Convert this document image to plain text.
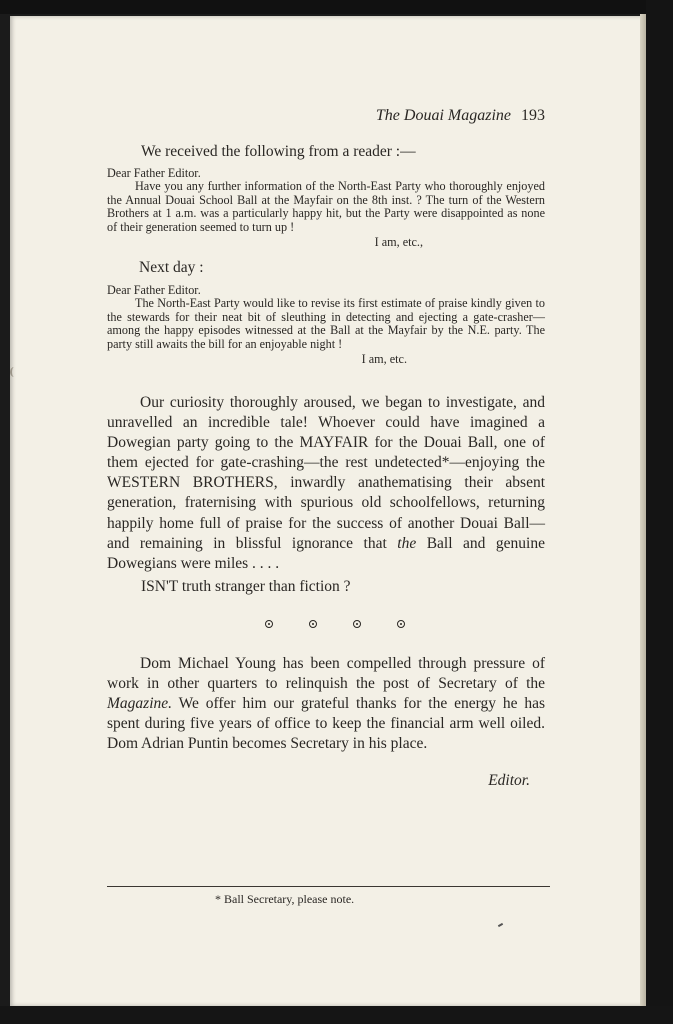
The Douai Magazine 193
We received the following from a reader :—
Dear Father Editor.

Have you any further information of the North-East Party who thoroughly enjoyed the Annual Douai School Ball at the Mayfair on the 8th inst. ? The turn of the Western Brothers at 1 a.m. was a particularly happy hit, but the Party were disappointed as none of their generation seemed to turn up !

I am, etc.,
Next day :
Dear Father Editor.

The North-East Party would like to revise its first estimate of praise kindly given to the stewards for their neat bit of sleuthing in detecting and ejecting a gate-crasher—among the happy episodes witnessed at the Ball at the Mayfair by the N.E. party. The party still awaits the bill for an enjoyable night !

I am, etc.

Our curiosity thoroughly aroused, we began to investigate, and unravelled an incredible tale! Whoever could have imagined a Dowegian party going to the MAYFAIR for the Douai Ball, one of them ejected for gate-crashing—the rest undetected*—enjoying the WESTERN BROTHERS, inwardly anathematising their absent generation, fraternising with spurious old schoolfellows, returning happily home full of praise for the success of another Douai Ball—and remaining in blissful ignorance that the Ball and genuine Dowegians were miles . . . .

ISN'T truth stranger than fiction ?

Dom Michael Young has been compelled through pressure of work in other quarters to relinquish the post of Secretary of the Magazine. We offer him our grateful thanks for the energy he has spent during five years of office to keep the financial arm well oiled. Dom Adrian Puntin becomes Secretary in his place.

Editor.
* Ball Secretary, please note.
